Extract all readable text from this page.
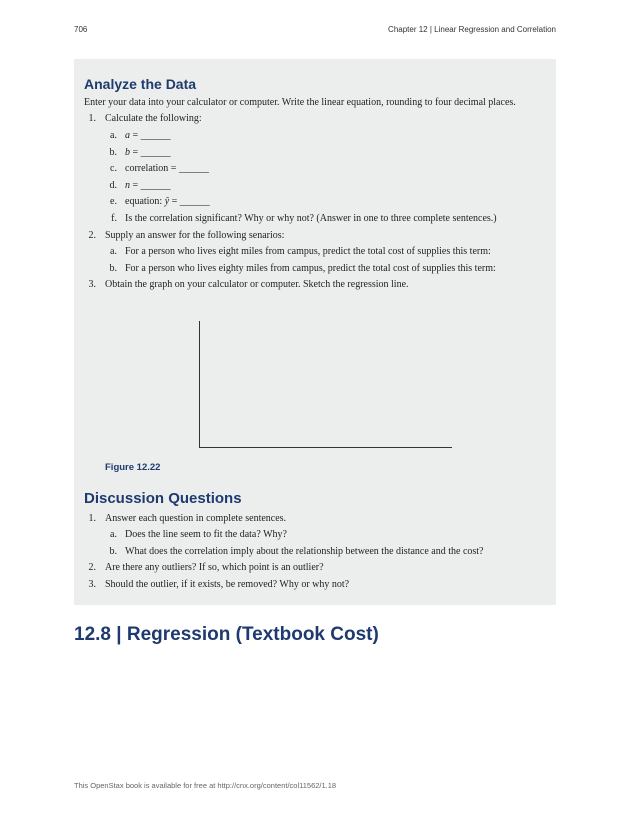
706	Chapter 12 | Linear Regression and Correlation
Analyze the Data
Enter your data into your calculator or computer. Write the linear equation, rounding to four decimal places.
1. Calculate the following:
a. a = ______
b. b = ______
c. correlation = ______
d. n = ______
e. equation: ŷ = ______
f. Is the correlation significant? Why or why not? (Answer in one to three complete sentences.)
2. Supply an answer for the following senarios:
a. For a person who lives eight miles from campus, predict the total cost of supplies this term:
b. For a person who lives eighty miles from campus, predict the total cost of supplies this term:
3. Obtain the graph on your calculator or computer. Sketch the regression line.
Figure 12.22
Discussion Questions
1. Answer each question in complete sentences.
a. Does the line seem to fit the data? Why?
b. What does the correlation imply about the relationship between the distance and the cost?
2. Are there any outliers? If so, which point is an outlier?
3. Should the outlier, if it exists, be removed? Why or why not?
12.8 | Regression (Textbook Cost)
This OpenStax book is available for free at http://cnx.org/content/col11562/1.18
